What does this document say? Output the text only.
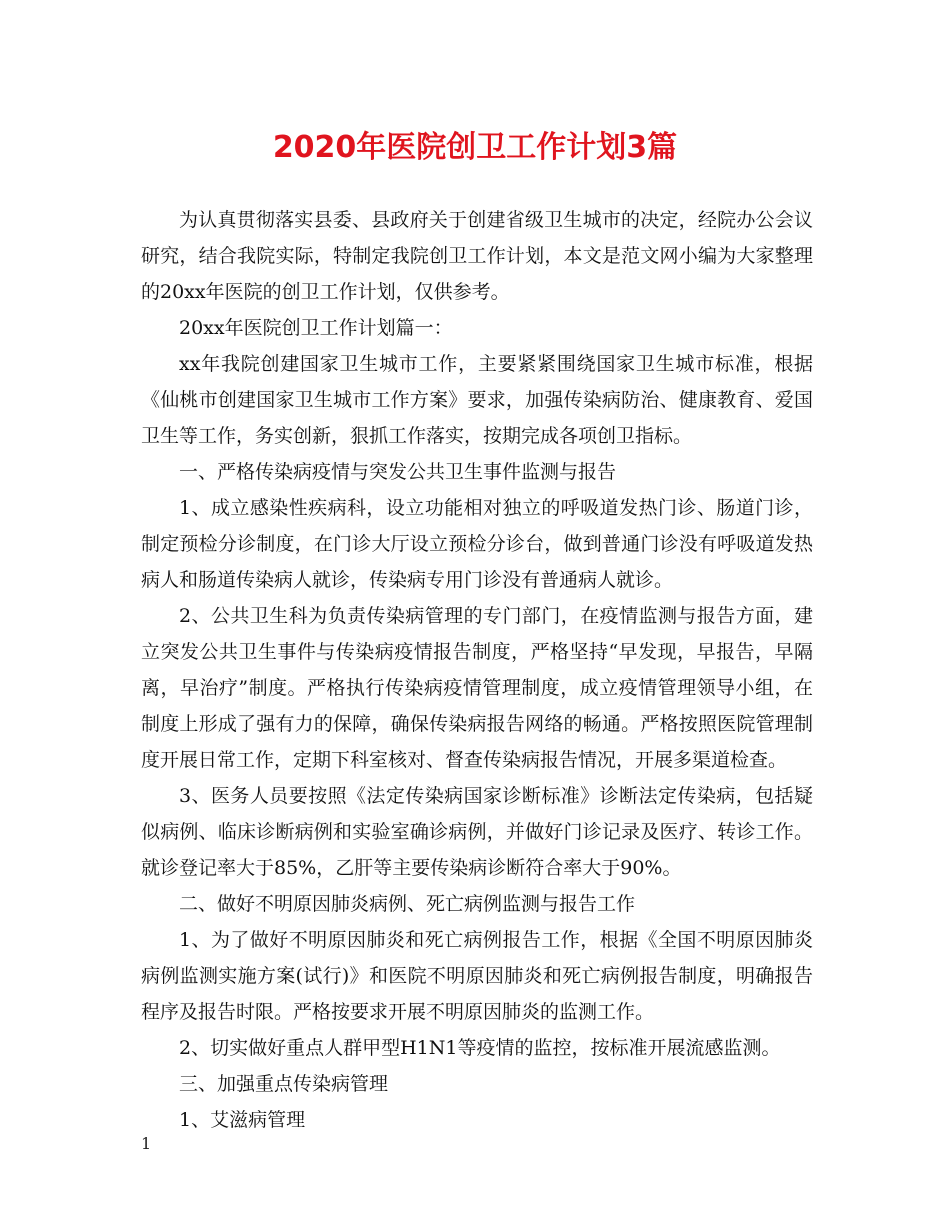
2020年医院创卫工作计划3篇

为认真贯彻落实县委、县政府关于创建省级卫生城市的决定，经院办公会议研究，结合我院实际，特制定我院创卫工作计划，本文是范文网小编为大家整理的20xx年医院的创卫工作计划，仅供参考。

20xx年医院创卫工作计划篇一：

xx年我院创建国家卫生城市工作，主要紧紧围绕国家卫生城市标准，根据《仙桃市创建国家卫生城市工作方案》要求，加强传染病防治、健康教育、爱国卫生等工作，务实创新，狠抓工作落实，按期完成各项创卫指标。

一、严格传染病疫情与突发公共卫生事件监测与报告

1、成立感染性疾病科，设立功能相对独立的呼吸道发热门诊、肠道门诊，制定预检分诊制度，在门诊大厅设立预检分诊台，做到普通门诊没有呼吸道发热病人和肠道传染病人就诊，传染病专用门诊没有普通病人就诊。

2、公共卫生科为负责传染病管理的专门部门，在疫情监测与报告方面，建立突发公共卫生事件与传染病疫情报告制度，严格坚持“早发现，早报告，早隔离，早治疗”制度。严格执行传染病疫情管理制度，成立疫情管理领导小组，在制度上形成了强有力的保障，确保传染病报告网络的畅通。严格按照医院管理制度开展日常工作，定期下科室核对、督查传染病报告情况，开展多渠道检查。

3、医务人员要按照《法定传染病国家诊断标准》诊断法定传染病，包括疑似病例、临床诊断病例和实验室确诊病例，并做好门诊记录及医疗、转诊工作。就诊登记率大于85%，乙肝等主要传染病诊断符合率大于90%。

二、做好不明原因肺炎病例、死亡病例监测与报告工作

1、为了做好不明原因肺炎和死亡病例报告工作，根据《全国不明原因肺炎病例监测实施方案(试行)》和医院不明原因肺炎和死亡病例报告制度，明确报告程序及报告时限。严格按要求开展不明原因肺炎的监测工作。

2、切实做好重点人群甲型H1N1等疫情的监控，按标准开展流感监测。

三、加强重点传染病管理

1、艾滋病管理

1
